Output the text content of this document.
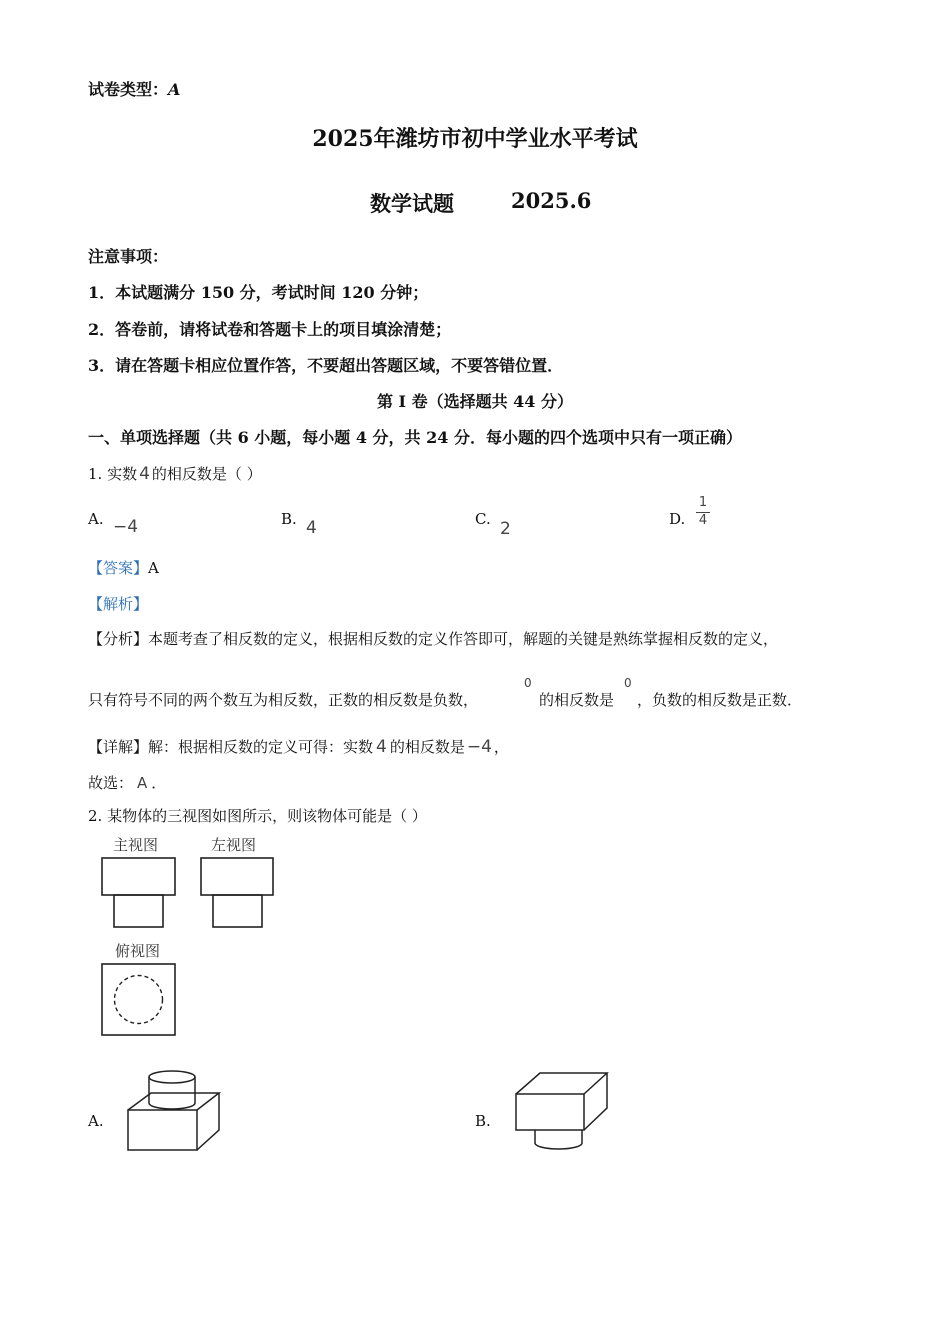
试卷类型：A
2025年潍坊市初中学业水平考试
数学试题	2025.6
注意事项：
1．本试题满分 150 分，考试时间 120 分钟；
2．答卷前，请将试卷和答题卡上的项目填涂清楚；
3．请在答题卡相应位置作答，不要超出答题区域，不要答错位置．
第 I 卷（选择题共 44 分）
一、单项选择题（共 6 小题，每小题 4 分，共 24 分．每小题的四个选项中只有一项正确）
1. 实数 4 的相反数是（ ）
A. −4	B. 4	C. 2	D.
1
4
【答案】A
【解析】
【分析】本题考查了相反数的定义，根据相反数的定义作答即可，解题的关键是熟练掌握相反数的定义，
只有符号不同的两个数互为相反数，正数的相反数是负数，
0
的相反数是
0
，负数的相反数是正数．
【详解】解：根据相反数的定义可得：实数 4 的相反数是 −4 ，
故选： A ．
2. 某物体的三视图如图所示，则该物体可能是（ ）
主视图	左视图
俯视图
A.	B.
